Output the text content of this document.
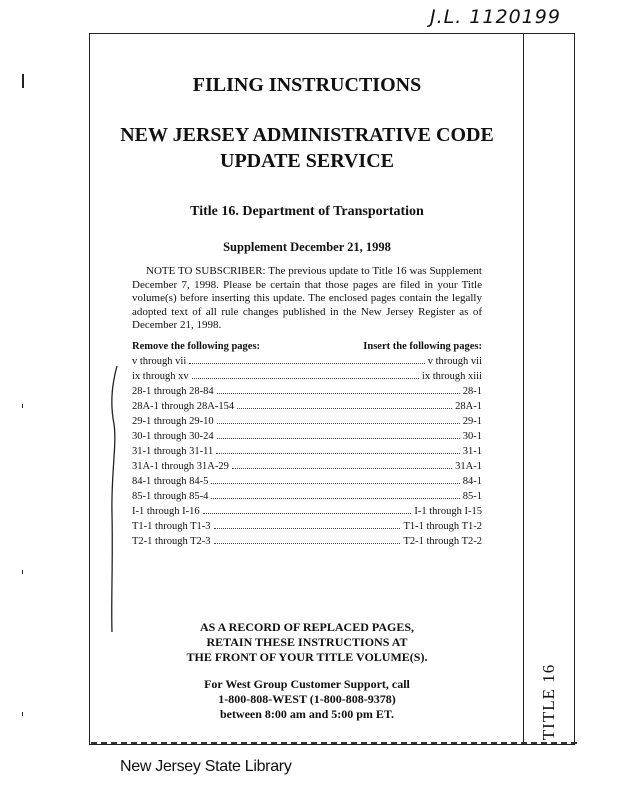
J.L. 1120199
FILING INSTRUCTIONS
NEW JERSEY ADMINISTRATIVE CODE UPDATE SERVICE
Title 16. Department of Transportation
Supplement December 21, 1998

NOTE TO SUBSCRIBER: The previous update to Title 16 was Supplement December 7, 1998. Please be certain that those pages are filed in your Title volume(s) before inserting this update. The enclosed pages contain the legally adopted text of all rule changes published in the New Jersey Register as of December 21, 1998.

Remove the following pages:	Insert the following pages:
v through vii	v through vii
ix through xv	ix through xiii
28-1 through 28-84	28-1
28A-1 through 28A-154	28A-1
29-1 through 29-10	29-1
30-1 through 30-24	30-1
31-1 through 31-11	31-1
31A-1 through 31A-29	31A-1
84-1 through 84-5	84-1
85-1 through 85-4	85-1
I-1 through I-16	I-1 through I-15
T1-1 through T1-3	T1-1 through T1-2
T2-1 through T2-3	T2-1 through T2-2
AS A RECORD OF REPLACED PAGES,
RETAIN THESE INSTRUCTIONS AT
THE FRONT OF YOUR TITLE VOLUME(S).
For West Group Customer Support, call
1-800-808-WEST (1-800-808-9378)
between 8:00 am and 5:00 pm ET.	TITLE 16
New Jersey State Library
